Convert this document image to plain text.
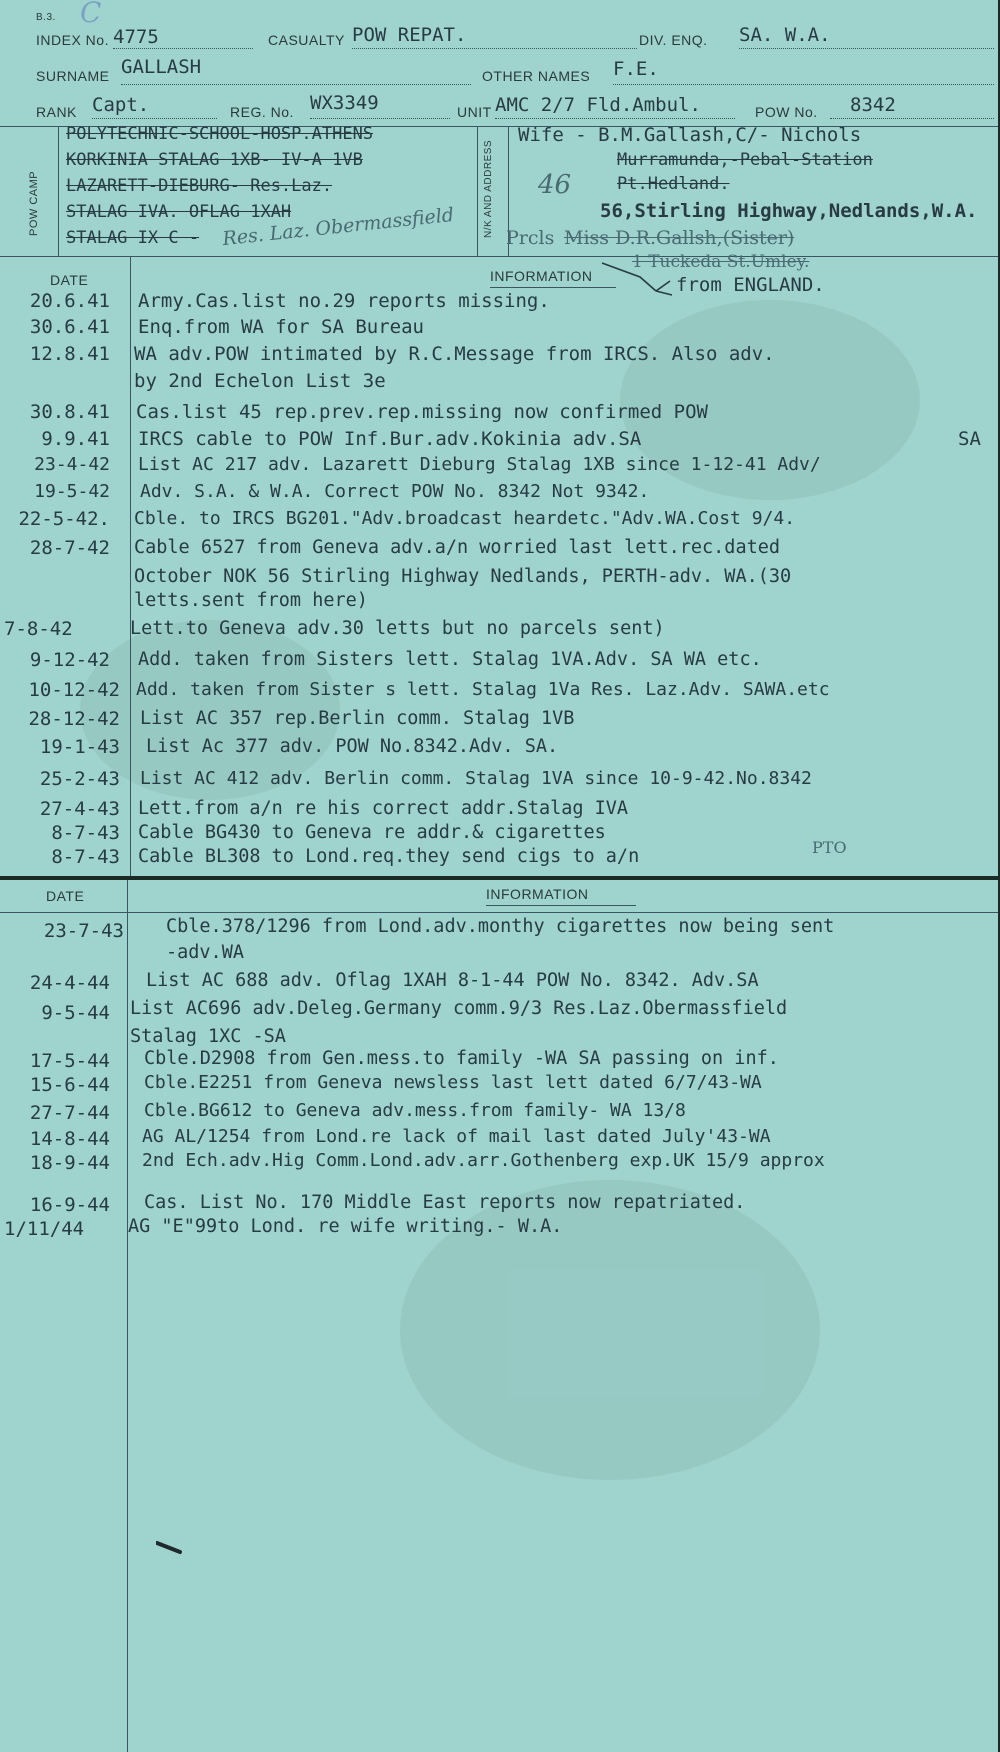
B.3. C
INDEX No. 4775	CASUALTY POW REPAT.	DIV. ENQ. SA. W.A.
SURNAME GALLASH	OTHER NAMES F.E.
RANK Capt.	REG. No. WX3349	UNIT AMC 2/7 Fld.Ambul.	POW No. 8342
POW CAMP	N/K AND ADDRESS
POLYTECHNIC-SCHOOL-HOSP.ATHENS
KORKINIA STALAG 1XB- IV-A 1VB
LAZARETT-DIEBURG- Res.Laz.
STALAG IVA. OFLAG 1XAH
STALAG IX C - Res. Laz. Obermassfield
Wife - B.M.Gallash,C/- Nichols
Murramunda,-Pebal-Station
Pt.Hedland.
46
56,Stirling Highway,Nedlands,W.A.
Prcls Miss D.R.Gallsh,(Sister)
1 Tuckeda St.Umley.
DATE	INFORMATION	from ENGLAND.
20.6.41 Army.Cas.list no.29 reports missing.
30.6.41 Enq.from WA for SA Bureau
12.8.41 WA adv.POW intimated by R.C.Message from IRCS. Also adv.
by 2nd Echelon List 3e
30.8.41 Cas.list 45 rep.prev.rep.missing now confirmed POW
9.9.41 IRCS cable to POW Inf.Bur.adv.Kokinia adv.SA	SA
23-4-42 List AC 217 adv. Lazarett Dieburg Stalag 1XB since 1-12-41 Adv/
19-5-42 Adv. S.A. & W.A. Correct POW No. 8342 Not 9342.
22-5-42. Cble. to IRCS BG201."Adv.broadcast heardetc."Adv.WA.Cost 9/4.
28-7-42 Cable 6527 from Geneva adv.a/n worried last lett.rec.dated
October NOK 56 Stirling Highway Nedlands, PERTH-adv. WA.(30
letts.sent from here)
7-8-42	Lett.to Geneva adv.30 letts but no parcels sent)
9-12-42 Add. taken from Sisters lett. Stalag 1VA.Adv. SA WA etc.
10-12-42 Add. taken from Sister s lett. Stalag 1Va Res. Laz.Adv. SAWA.etc
28-12-42 List AC 357 rep.Berlin comm. Stalag 1VB
19-1-43 List Ac 377 adv. POW No.8342.Adv. SA.
25-2-43 List AC 412 adv. Berlin comm. Stalag 1VA since 10-9-42.No.8342
27-4-43 Lett.from a/n re his correct addr.Stalag IVA
8-7-43 Cable BG430 to Geneva re addr.& cigarettes
8-7-43 Cable BL308 to Lond.req.they send cigs to a/n	PTO
DATE	INFORMATION
23-7-43 Cble.378/1296 from Lond.adv.monthy cigarettes now being sent
-adv.WA
24-4-44 List AC 688 adv. Oflag 1XAH 8-1-44 POW No. 8342. Adv.SA
9-5-44 List AC696 adv.Deleg.Germany comm.9/3 Res.Laz.Obermassfield
Stalag 1XC -SA
17-5-44 Cble.D2908 from Gen.mess.to family -WA SA passing on inf.
15-6-44 Cble.E2251 from Geneva newsless last lett dated 6/7/43-WA
27-7-44 Cble.BG612 to Geneva adv.mess.from family- WA 13/8
14-8-44 AG AL/1254 from Lond.re lack of mail last dated July'43-WA
18-9-44 2nd Ech.adv.Hig Comm.Lond.adv.arr.Gothenberg exp.UK 15/9 approx
16-9-44 Cas. List No. 170 Middle East reports now repatriated.
1/11/44 AG "E"99to Lond. re wife writing.- W.A.
